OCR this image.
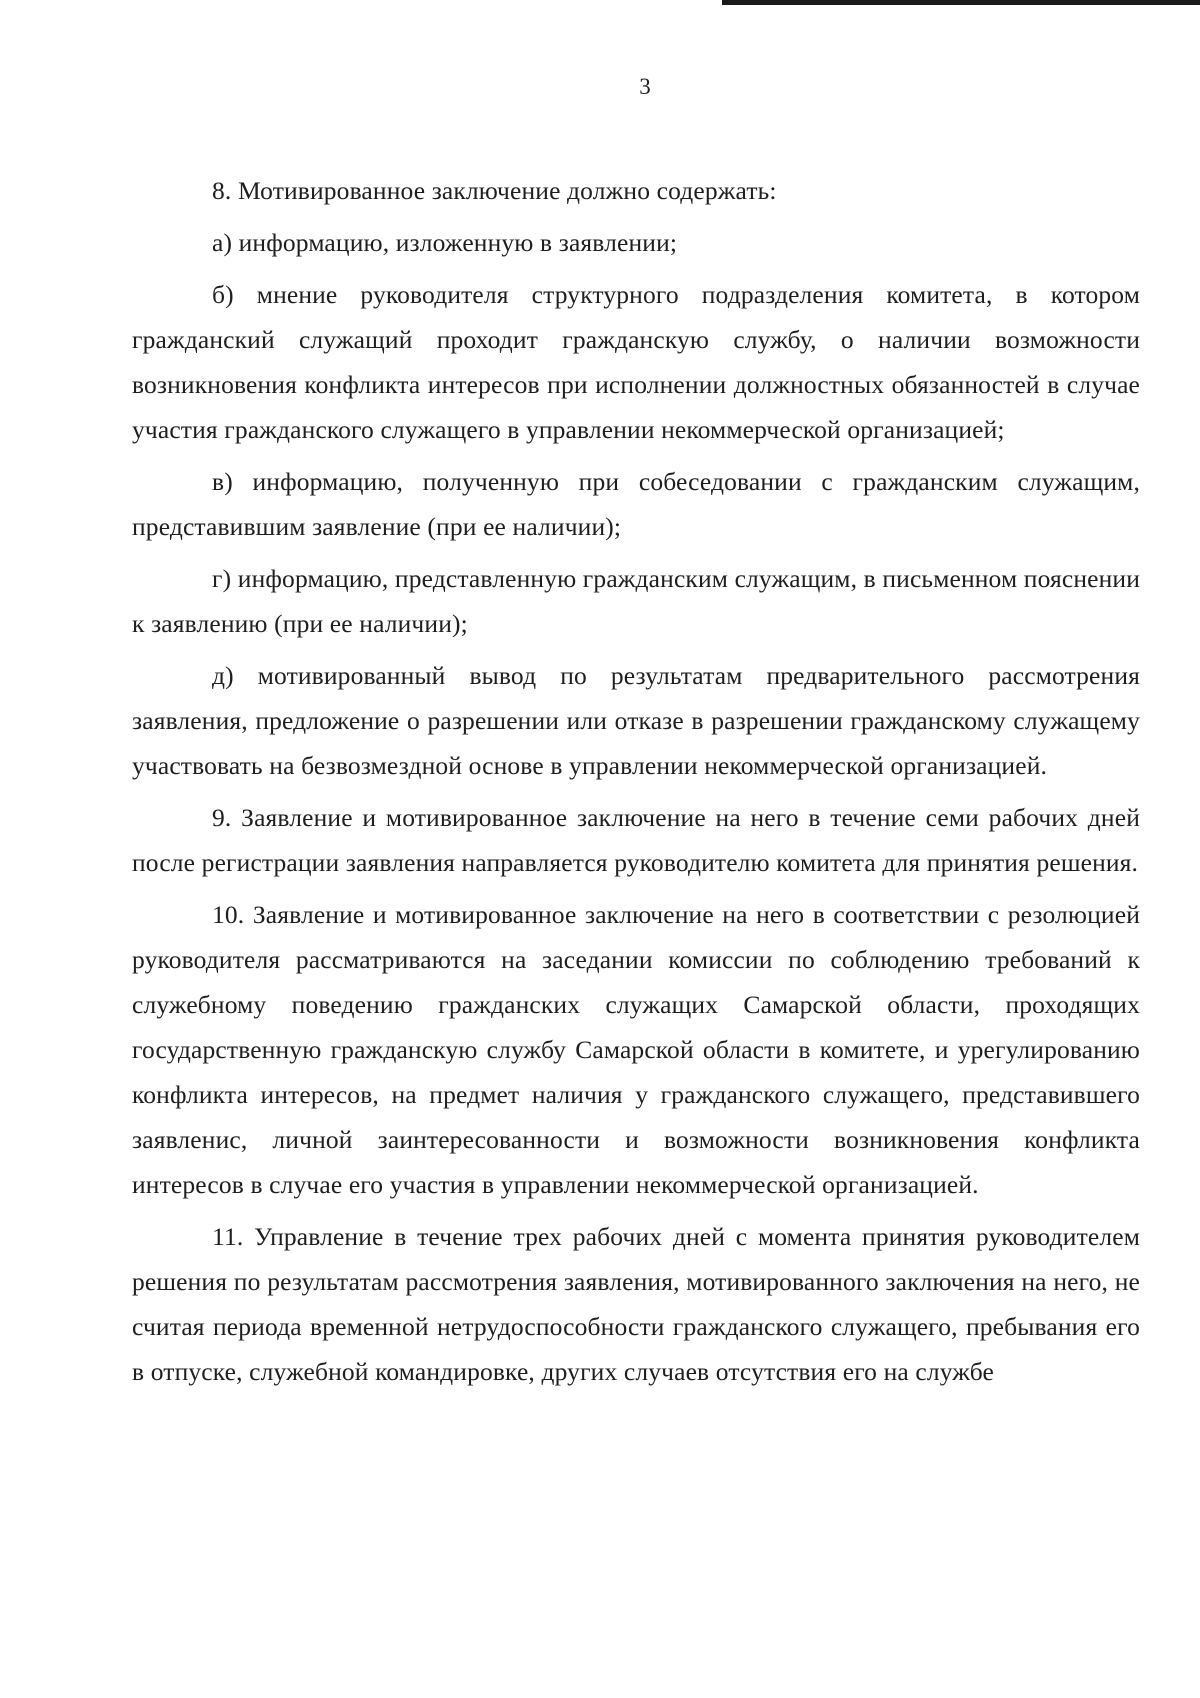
3

8. Мотивированное заключение должно содержать:

а) информацию, изложенную в заявлении;

б) мнение руководителя структурного подразделения комитета, в котором гражданский служащий проходит гражданскую службу, о наличии возможности возникновения конфликта интересов при исполнении должностных обязанностей в случае участия гражданского служащего в управлении некоммерческой организацией;

в) информацию, полученную при собеседовании с гражданским служащим, представившим заявление (при ее наличии);

г) информацию, представленную гражданским служащим, в письменном пояснении к заявлению (при ее наличии);

д) мотивированный вывод по результатам предварительного рассмотрения заявления, предложение о разрешении или отказе в разрешении гражданскому служащему участвовать на безвозмездной основе в управлении некоммерческой организацией.

9. Заявление и мотивированное заключение на него в течение семи рабочих дней после регистрации заявления направляется руководителю комитета для принятия решения.

10. Заявление и мотивированное заключение на него в соответствии с резолюцией руководителя рассматриваются на заседании комиссии по соблюдению требований к служебному поведению гражданских служащих Самарской области, проходящих государственную гражданскую службу Самарской области в комитете, и урегулированию конфликта интересов, на предмет наличия у гражданского служащего, представившего заявленис, личной заинтересованности и возможности возникновения конфликта интересов в случае его участия в управлении некоммерческой организацией.

11. Управление в течение трех рабочих дней с момента принятия руководителем решения по результатам рассмотрения заявления, мотивированного заключения на него, не считая периода временной нетрудоспособности гражданского служащего, пребывания его в отпуске, служебной командировке, других случаев отсутствия его на службе
